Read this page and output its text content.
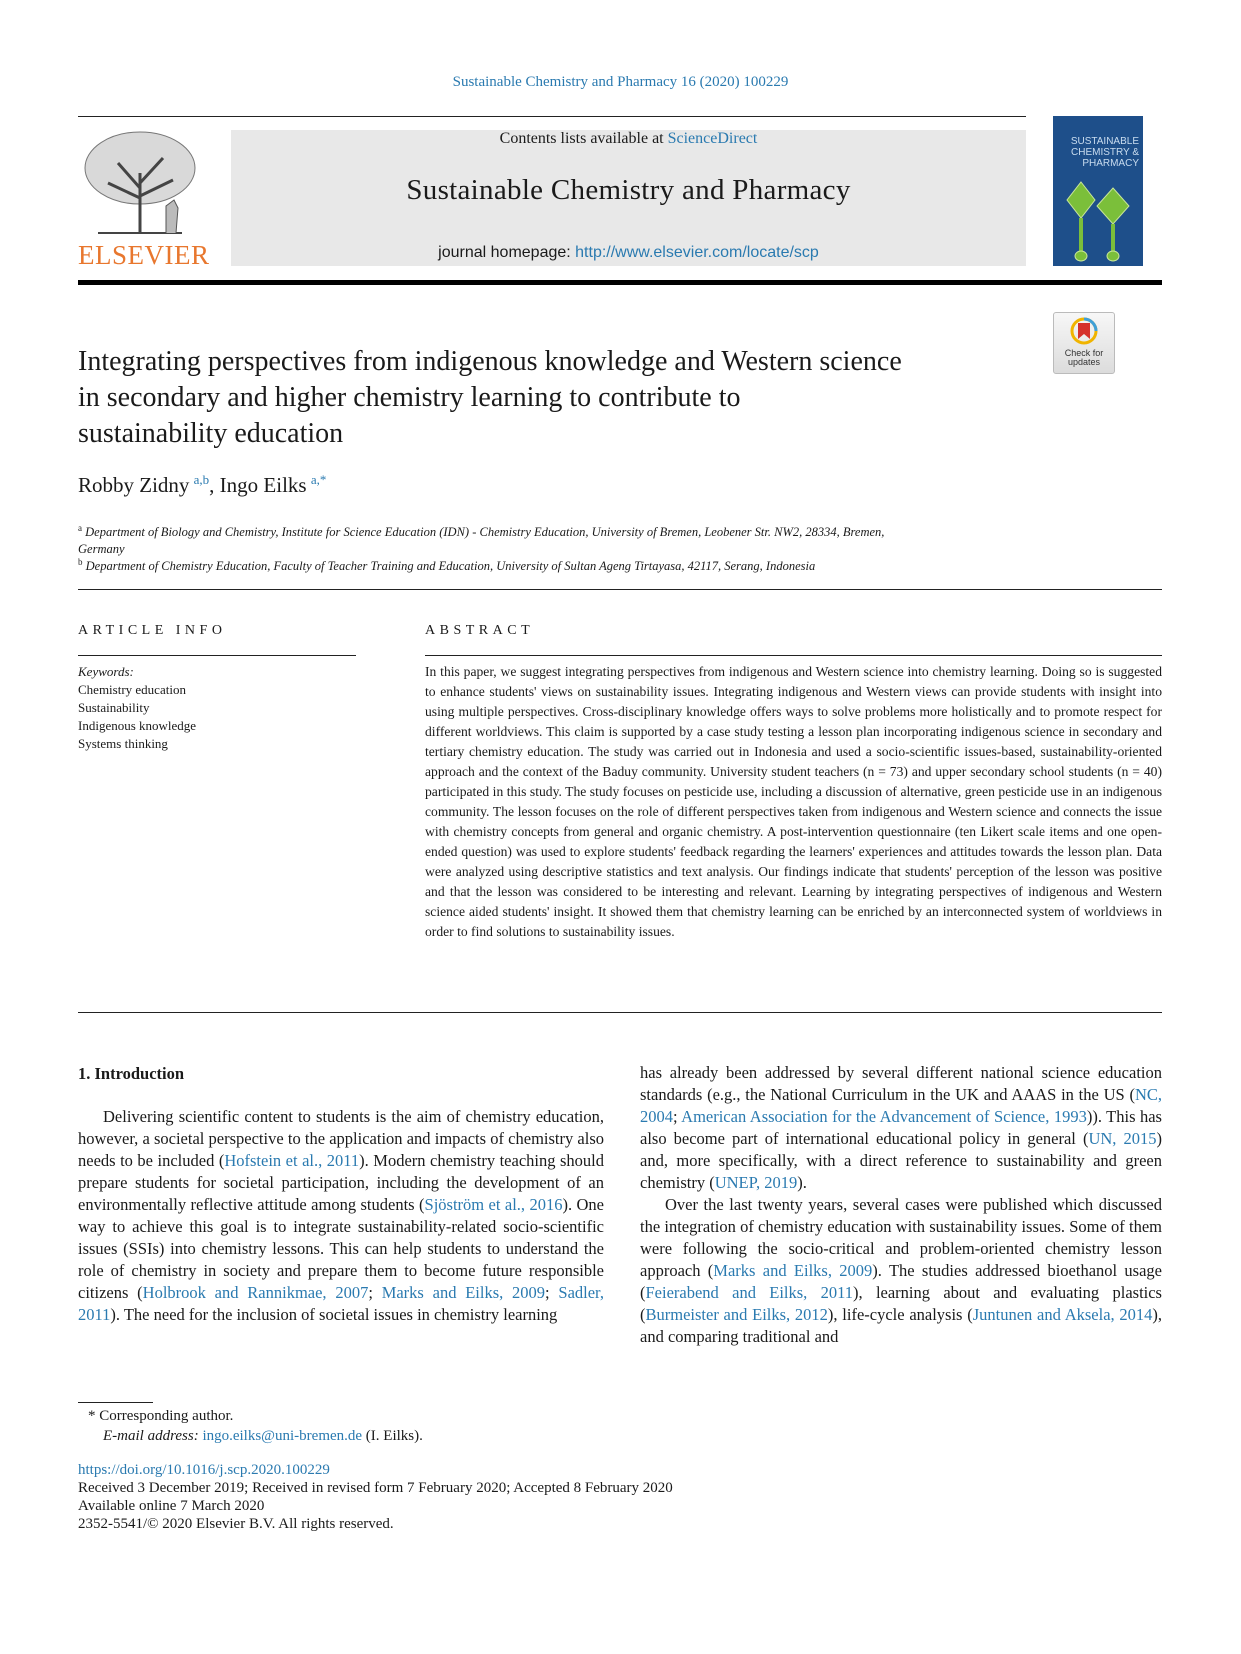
Sustainable Chemistry and Pharmacy 16 (2020) 100229
ELSEVIER
Contents lists available at ScienceDirect
Sustainable Chemistry and Pharmacy
journal homepage: http://www.elsevier.com/locate/scp
SUSTAINABLE CHEMISTRY & PHARMACY
Check for
updates
Integrating perspectives from indigenous knowledge and Western science
in secondary and higher chemistry learning to contribute to
sustainability education
Robby Zidny  $^{a,b}$, Ingo Eilks  $^{a,*}$
$^a$ Department of Biology and Chemistry, Institute for Science Education (IDN) - Chemistry Education, University of Bremen, Leobener Str. NW2, 28334, Bremen,
Germany
$^b$ Department of Chemistry Education, Faculty of Teacher Training and Education, University of Sultan Ageng Tirtayasa, 42117, Serang, Indonesia
ARTICLE INFO
Keywords:
Chemistry education
Sustainability
Indigenous knowledge
Systems thinking
ABSTRACT
In this paper, we suggest integrating perspectives from indigenous and Western science into chemistry learning. Doing so is suggested to enhance students' views on sustainability issues. Integrating indigenous and Western views can provide students with insight into using multiple perspectives. Cross-disciplinary knowledge offers ways to solve problems more holistically and to promote respect for different worldviews. This claim is supported by a case study testing a lesson plan incorporating indigenous science in secondary and tertiary chemistry education. The study was carried out in Indonesia and used a socio-scientific issues-based, sustainability-oriented approach and the context of the Baduy community. University student teachers (n = 73) and upper secondary school students (n = 40) participated in this study. The study focuses on pesticide use, including a discussion of alternative, green pesticide use in an indigenous community. The lesson focuses on the role of different perspectives taken from indigenous and Western science and connects the issue with chemistry concepts from general and organic chemistry. A post-intervention questionnaire (ten Likert scale items and one open-ended question) was used to explore students' feedback regarding the learners' experiences and attitudes towards the lesson plan. Data were analyzed using descriptive statistics and text analysis. Our findings indicate that students' perception of the lesson was positive and that the lesson was considered to be interesting and relevant. Learning by integrating perspectives of indigenous and Western science aided students' insight. It showed them that chemistry learning can be enriched by an interconnected system of worldviews in order to find solutions to sustainability issues.
1. Introduction

Delivering scientific content to students is the aim of chemistry education, however, a societal perspective to the application and impacts of chemistry also needs to be included (Hofstein et al., 2011). Modern chemistry teaching should prepare students for societal participation, including the development of an environmentally reflective attitude among students (Sjöström et al., 2016). One way to achieve this goal is to integrate sustainability-related socio-scientific issues (SSIs) into chemistry lessons. This can help students to understand the role of chemistry in society and prepare them to become future responsible citizens (Holbrook and Rannikmae, 2007; Marks and Eilks, 2009; Sadler, 2011). The need for the inclusion of societal issues in chemistry learning

has already been addressed by several different national science education standards (e.g., the National Curriculum in the UK and AAAS in the US (NC, 2004; American Association for the Advancement of Science, 1993)). This has also become part of international educational policy in general (UN, 2015) and, more specifically, with a direct reference to sustainability and green chemistry (UNEP, 2019).

Over the last twenty years, several cases were published which discussed the integration of chemistry education with sustainability issues. Some of them were following the socio-critical and problem-oriented chemistry lesson approach (Marks and Eilks, 2009). The studies addressed bioethanol usage (Feierabend and Eilks, 2011), learning about and evaluating plastics (Burmeister and Eilks, 2012), life-cycle analysis (Juntunen and Aksela, 2014), and comparing traditional and

* Corresponding author.
E-mail address: ingo.eilks@uni-bremen.de (I. Eilks).
https://doi.org/10.1016/j.scp.2020.100229
Received 3 December 2019; Received in revised form 7 February 2020; Accepted 8 February 2020
Available online 7 March 2020
2352-5541/© 2020 Elsevier B.V. All rights reserved.
